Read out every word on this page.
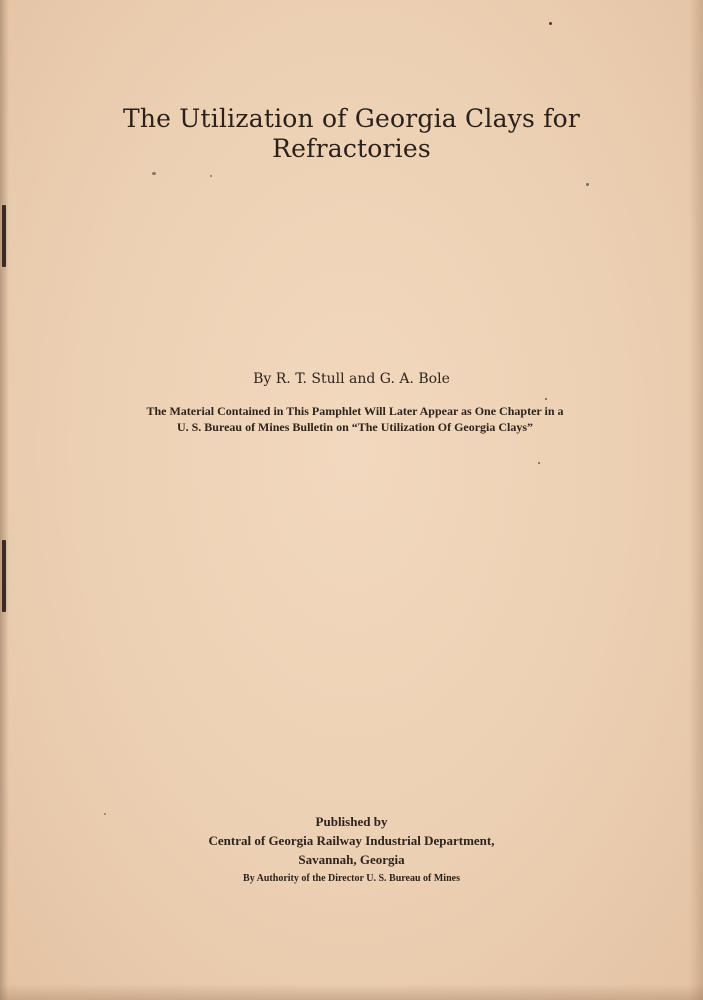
The Utilization of Georgia Clays for
Refractories
By R. T. Stull and G. A. Bole
The Material Contained in This Pamphlet Will Later Appear as One Chapter in a
U. S. Bureau of Mines Bulletin on “The Utilization Of Georgia Clays”
Published by
Central of Georgia Railway Industrial Department,
Savannah, Georgia
By Authority of the Director U. S. Bureau of Mines
